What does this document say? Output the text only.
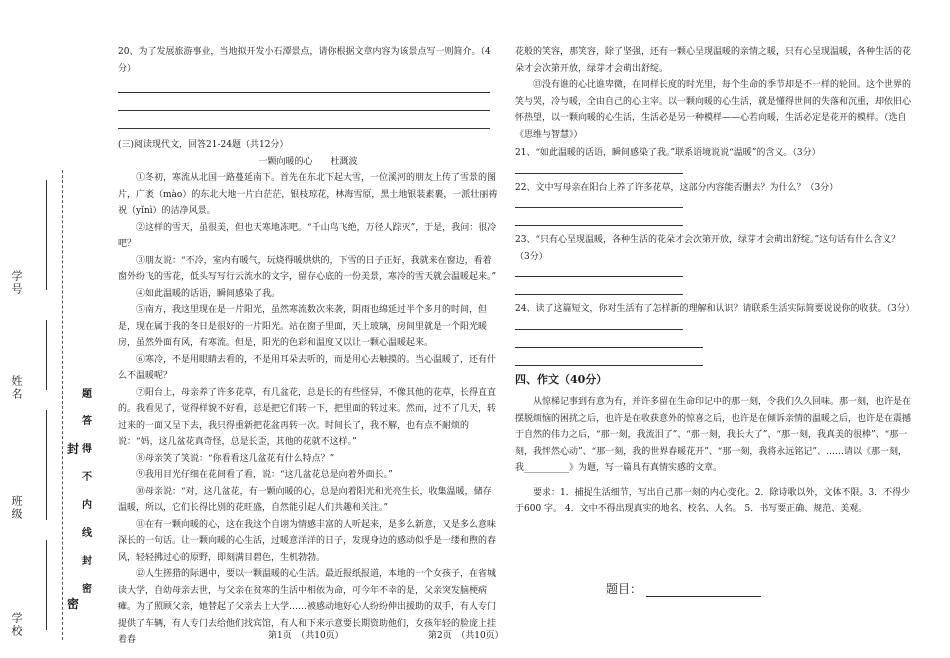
学号
姓名
班级
学校
题
答
得
不
内
线
封
密
封
密

20、为了发展旅游事业，当地拟开发小石潭景点，请你根据文章内容为该景点写一则简介。（4分）

(三)阅读现代文，回答21-24题（共12分）

一颗向暖的心　　杜溉波

①冬初，寒流从北国一路蔓延南下。首先在东北下起大雪，一位溪河的朋友上传了雪景的图片，广袤（mào）的东北大地一片白茫茫，银枝琼花，林海雪原，黑土地银装素裹，一派壮丽祷祝（yǐnì）的洁净风景。

②这样的雪天，虽很美，但也天寒地冻吧。“千山鸟飞绝，万径人踪灭”，于是，我问：很冷吧？

③朋友说：“不冷，室内有暖气，玩烧得暖烘烘的，下雪的日子正好，我就来在窗边，看着窗外纷飞的雪花，低头写写行云流水的文字，留存心底的一份美景，寒冷的雪天就会温暖起来。”

④如此温暖的话语，瞬间感染了我。

⑤南方，我这里现在是一片阳光，虽然寒流数次来袭，阴雨也绵延过半个多月的时间，但是，现在属于我的冬日是很好的一片阳光。站在窗子里面，天上玻璃，房间里就是一个阳光暖房，虽然外面有风，有寒流。但是，阳光的色彩和温度又以让一颗心温暖起来。

⑥寒冷，不是用眼睛去看的，不是用耳朵去听的，而是用心去触摸的。当心温暖了，还有什么不温暖呢？

⑦阳台上，母亲养了许多花草，有几盆花，总是长的有些怪异，不像其他的花草，长得直直的。我看见了，觉得样貌不好看，总是把它们转一下，把里面的转过来。然而，过不了几天，转过来的一面又呈下去，我只得重新把花盆再转一次。时间长了，我不解，也有点不耐烦的说：“妈，这几盆花真奇怪，总是长歪，其他的花就不这样。”

⑧母亲笑了笑说：“你看看这几盆花有什么特点？”

⑨我用目光仔细在花间看了看，说：“这几盆花总是向着外面长。”

⑩母亲说：“对，这几盆花，有一颗向暖的心，总是向着阳光和光亮生长，收集温暖，储存温暖，所以，它们长得比别的花旺盛，自然能引起人们共趣和关注。”

⑪在有一颗向暖的心，这在我这个自诩为情感丰富的人听起来，是多么新意，又是多么意味深长的一句话。让一颗向暖的心生活，过暖意洋洋的日子，发现身边的感动似乎是一缕和煦的春风，轻轻拂过心的原野，即刻满目碧色，生机勃勃。

⑫人生搓猎的际遇中，要以一颗温暖的心生活。最近报纸报道，本地的一个女孩子，在省城读大学，自幼母亲去世，与父亲在贫寒的生活中相依为命，可今年不幸的是，父亲突发脑梗病瘫。为了照顾父亲，她替起了父亲去上大学……被感动地好心人纷纷伸出援助的双手，有人专门提供了车辆，有人专门去给他们找宾馆，有人和下来示意要长期资助他们，女孩年轻的脸庞上挂着春	第1页　（共10页）

花般的笑容，那笑容，除了坚强，还有一颗心呈现温暖的亲情之暖，只有心呈现温暖，各种生活的花朵才会次第开放，绿芽才会萌出舒绽。

⑬没有谁的心比谁卑微，在同样长度的时光里，每个生命的季节却是不一样的轮回。这个世界的笑与哭，冷与暖，全由自己的心主宰。以一颗向暖的心生活，就是懂得世间的失落和沉重，却依旧心怀热望，以一颗向暖的心生活，生活必是另一种模样——心若向暖，生活必定是花开的模样。（选自《思维与智慧》）

21、“如此温暖的话语，瞬间感染了我。”联系语境说说“温暖”的含义。（3分）

22、文中写母亲在阳台上养了许多花草，这部分内容能否删去？为什么？（3分）

23、“只有心呈现温暖，各种生活的花朵才会次第开放，绿芽才会萌出舒绽。”这句话有什么含义？（3分）

24、读了这篇短文，你对生活有了怎样新的理解和认识？请联系生活实际简要说说你的收获。（3分）

四、作文（40分）

从惊梯记事到有意为有，并许多留在生命印记中的那一刻，令我们久久回味。那一刻，也许是在摆脱烦恼的困扰之后，也许是在收获意外的惊喜之后，也许是在倾诉亲情的温暖之后，也许是在震撼于自然的伟力之后，“那一刻，我流泪了”、“那一刻，我长大了”、“那一刻，我真美的很棒”、“那一刻，我怦然心动”、“那一刻，我的世界春暖花开”、“那一刻，我将永远铭记”、……请以《那一刻，我__________》为题，写一篇具有真情实感的文章。

要求：1．捕捉生活细节，写出自己那一刻的内心变化。2．除诗歌以外，文体不限。3．不得少于600 字。 4．文中不得出现真实的地名、校名、人名。 5．书写要正确、规范、美观。

题目：
第2页　（共10页）
